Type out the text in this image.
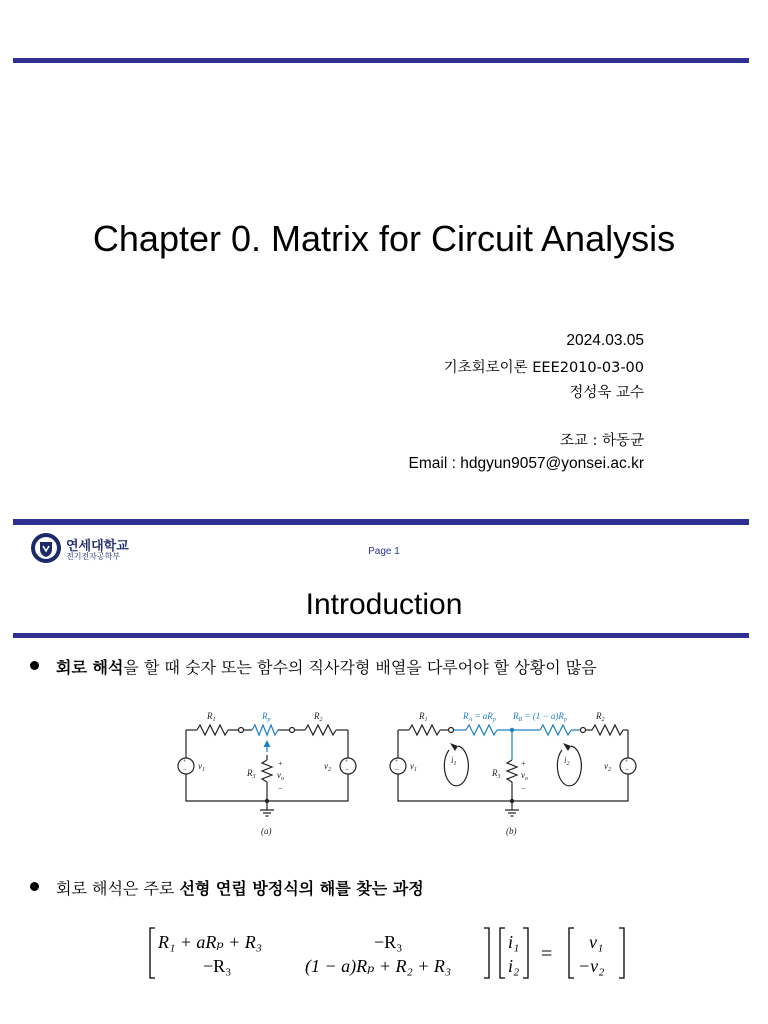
Chapter 0. Matrix for Circuit Analysis
2024.03.05
기초회로이론 EEE2010-03-00
정성욱 교수
조교 : 하동균
Email : hdgyun9057@yonsei.ac.kr
연세대학교
전기전자공학부	Page 1
Introduction
회로 해석을 할 때 숫자 또는 함수의 직사각형 배열을 다루어야 할 상황이 많음
+
−
+
−
+
−
+
−
$R_1$	$R_p$	$R_2$
$R_3$
$v_1$	$v_2$
$v_o$
+
−
(a)
$R_1$	$R_A = aR_p$ $R_B = (1 - a)R_p$	$R_2$
$R_3$
$v_1$	$v_2$
$v_o$
+
−
$i_1$	$i_2$
(b)
회로 해석은 주로 선형 연립 방정식의 해를 찾는 과정
R₁ + aRₚ + R₃	−R₃
−R₃	(1 − a)Rₚ + R₂ + R₃
i₁
i₂
=
v₁
−v₂
